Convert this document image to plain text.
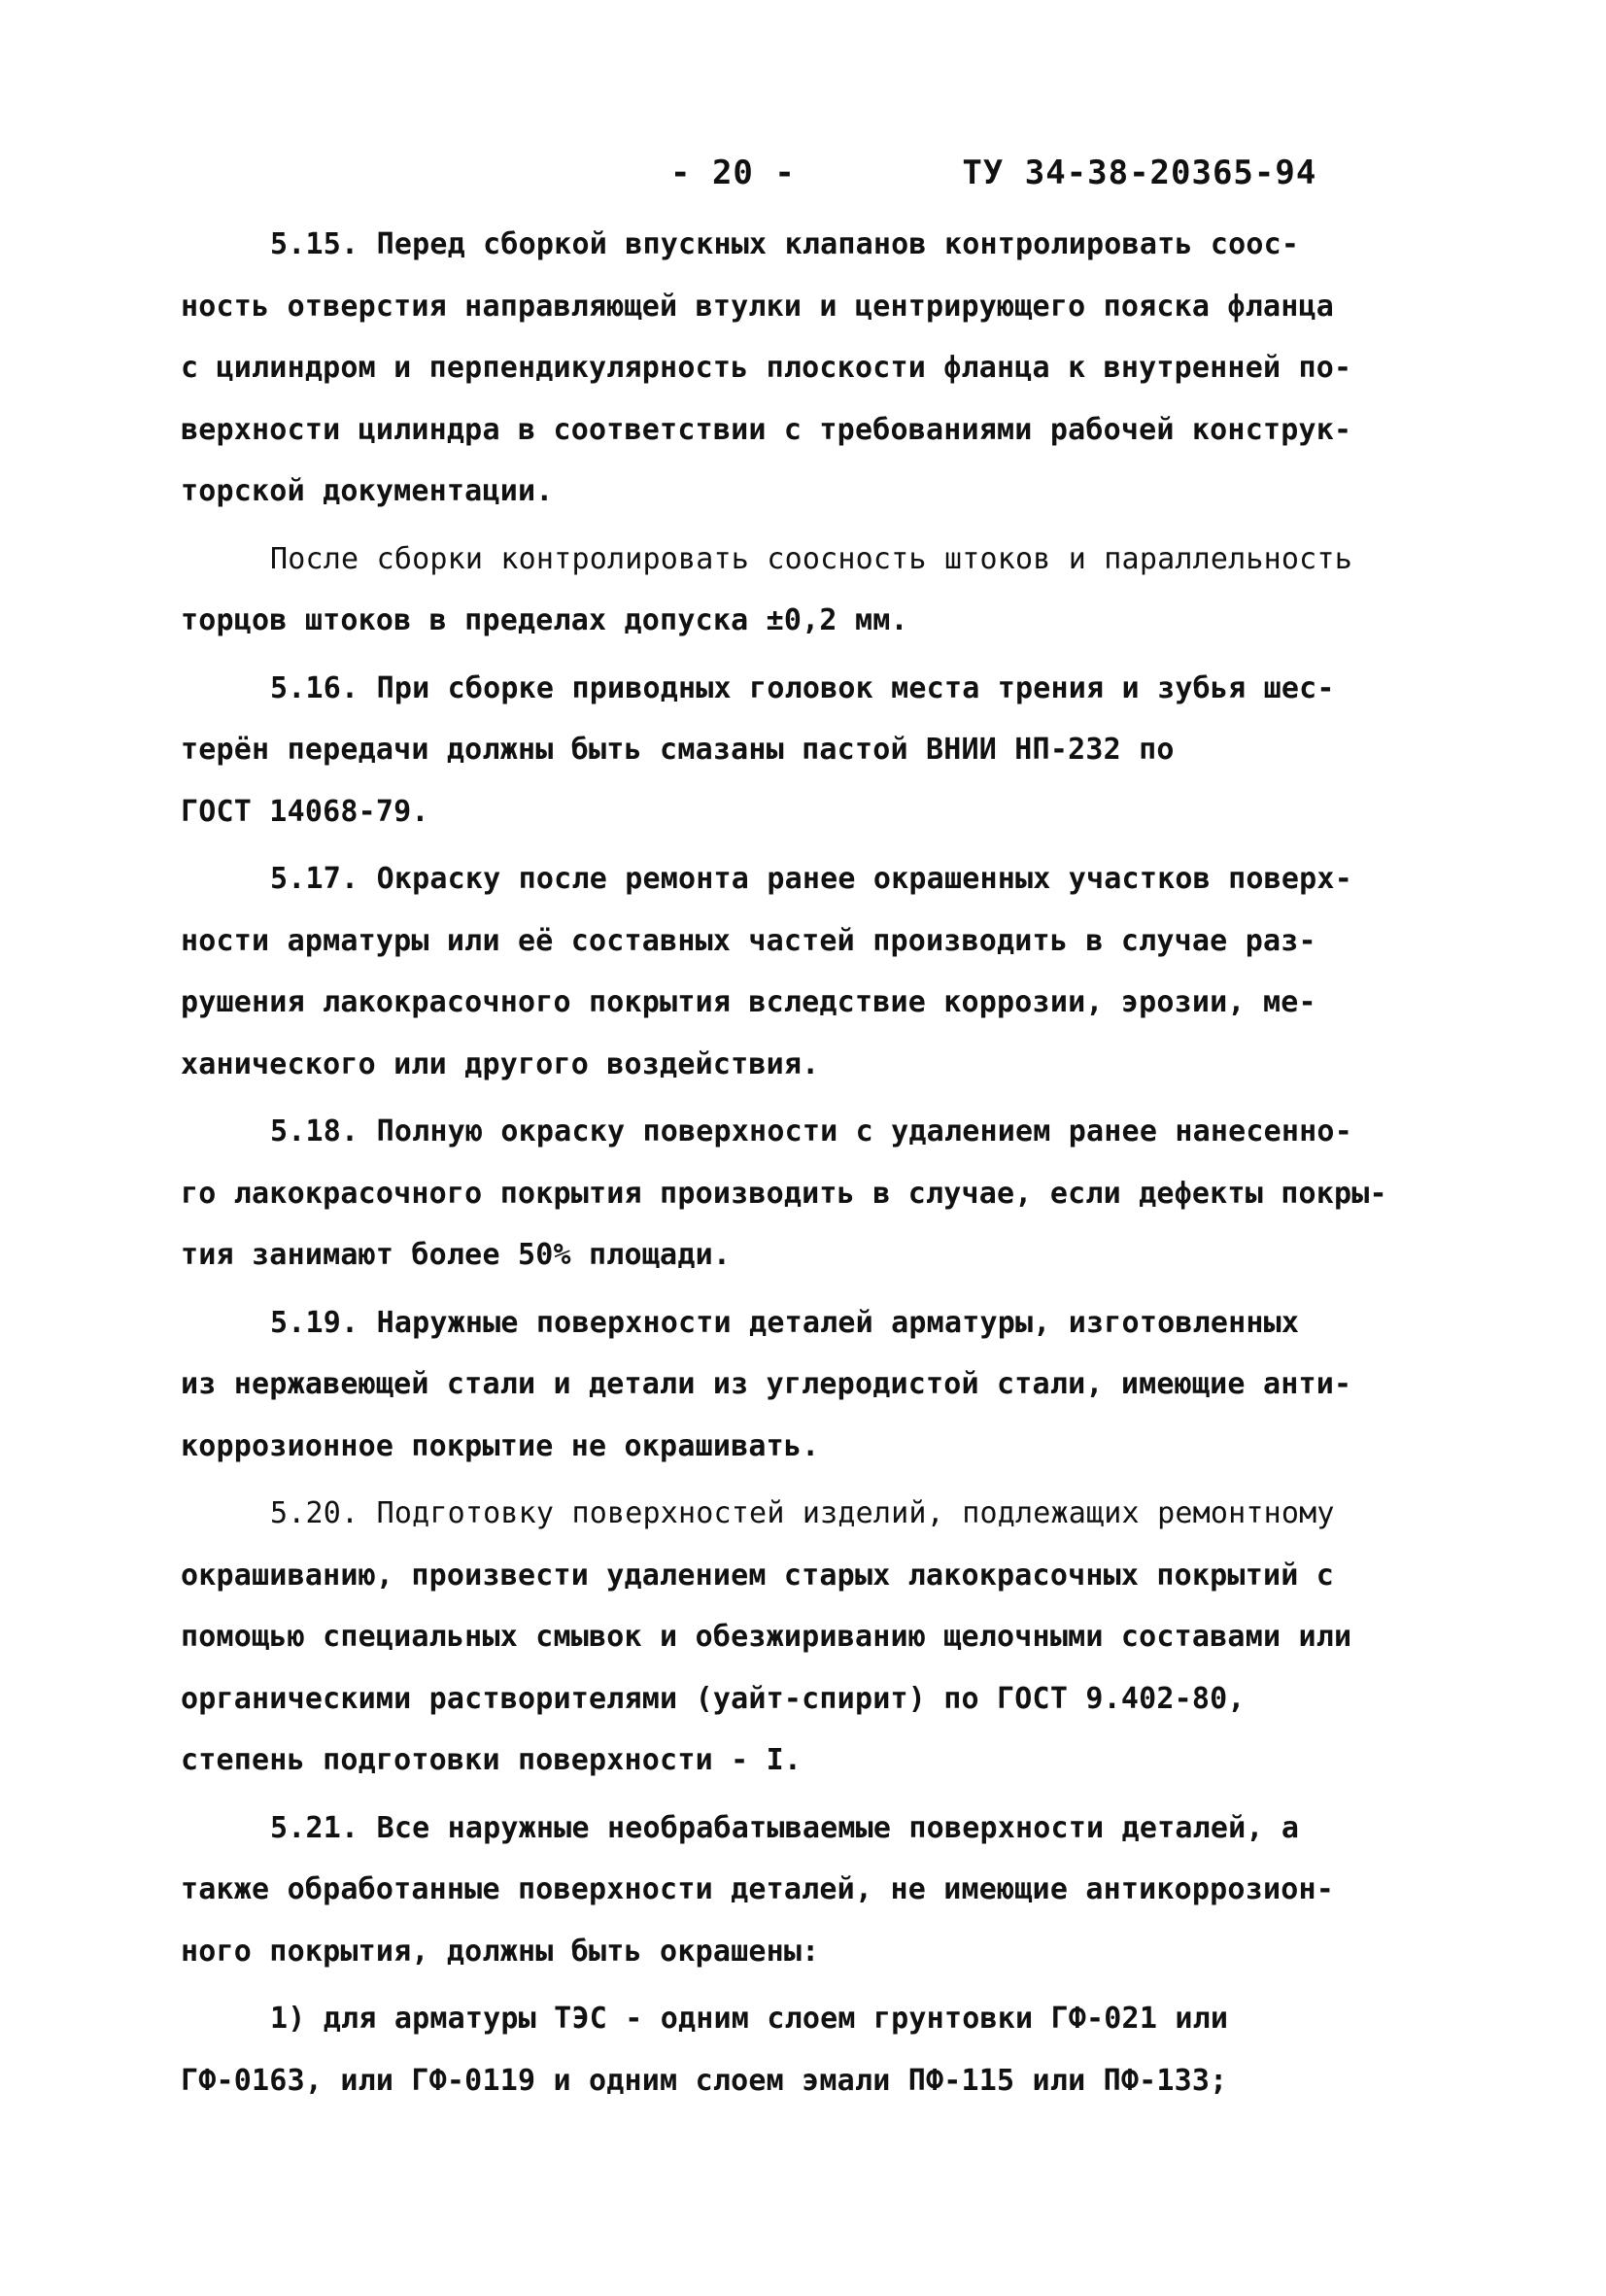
- 20 -	ТУ 34-38-20365-94
5.15. Перед сборкой впускных клапанов контролировать соос-
ность отверстия направляющей втулки и центрирующего пояска фланца
с цилиндром и перпендикулярность плоскости фланца к внутренней по-
верхности цилиндра в соответствии с требованиями рабочей конструк-
торской документации.
После сборки контролировать соосность штоков и параллельность
торцов штоков в пределах допуска ±0,2 мм.
5.16. При сборке приводных головок места трения и зубья шес-
терён передачи должны быть смазаны пастой ВНИИ НП-232 по
ГОСТ 14068-79.
5.17. Окраску после ремонта ранее окрашенных участков поверх-
ности арматуры или её составных частей производить в случае раз-
рушения лакокрасочного покрытия вследствие коррозии, эрозии, ме-
ханического или другого воздействия.
5.18. Полную окраску поверхности с удалением ранее нанесенно-
го лакокрасочного покрытия производить в случае, если дефекты покры-
тия занимают более 50% площади.
5.19. Наружные поверхности деталей арматуры, изготовленных
из нержавеющей стали и детали из углеродистой стали, имеющие анти-
коррозионное покрытие не окрашивать.
5.20. Подготовку поверхностей изделий, подлежащих ремонтному
окрашиванию, произвести удалением старых лакокрасочных покрытий с
помощью специальных смывок и обезжириванию щелочными составами или
органическими растворителями (уайт-спирит) по ГОСТ 9.402-80,
степень подготовки поверхности - I.
5.21. Все наружные необрабатываемые поверхности деталей, а
также обработанные поверхности деталей, не имеющие антикоррозион-
ного покрытия, должны быть окрашены:
1) для арматуры ТЭС - одним слоем грунтовки ГФ-021 или
ГФ-0163, или ГФ-0119 и одним слоем эмали ПФ-115 или ПФ-133;
